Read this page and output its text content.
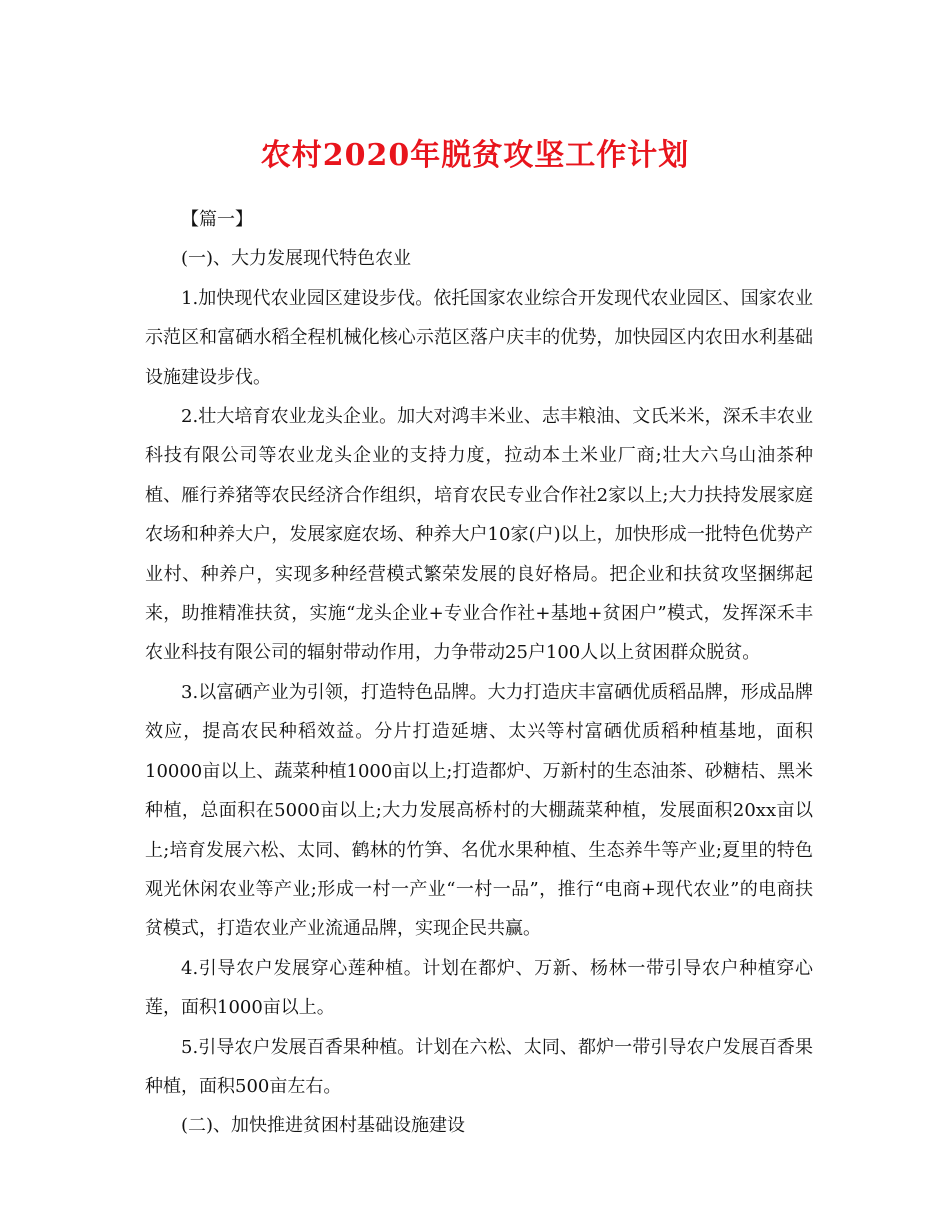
农村2020年脱贫攻坚工作计划

【篇一】

(一)、大力发展现代特色农业

1.加快现代农业园区建设步伐。依托国家农业综合开发现代农业园区、国家农业示范区和富硒水稻全程机械化核心示范区落户庆丰的优势，加快园区内农田水利基础设施建设步伐。

2.壮大培育农业龙头企业。加大对鸿丰米业、志丰粮油、文氏米米，深禾丰农业科技有限公司等农业龙头企业的支持力度，拉动本土米业厂商;壮大六乌山油茶种植、雁行养猪等农民经济合作组织，培育农民专业合作社2家以上;大力扶持发展家庭农场和种养大户，发展家庭农场、种养大户10家(户)以上，加快形成一批特色优势产业村、种养户，实现多种经营模式繁荣发展的良好格局。把企业和扶贫攻坚捆绑起来，助推精准扶贫，实施“龙头企业+专业合作社+基地+贫困户”模式，发挥深禾丰农业科技有限公司的辐射带动作用，力争带动25户100人以上贫困群众脱贫。

3.以富硒产业为引领，打造特色品牌。大力打造庆丰富硒优质稻品牌，形成品牌效应，提高农民种稻效益。分片打造延塘、太兴等村富硒优质稻种植基地，面积10000亩以上、蔬菜种植1000亩以上;打造都炉、万新村的生态油茶、砂糖桔、黑米种植，总面积在5000亩以上;大力发展高桥村的大棚蔬菜种植，发展面积20xx亩以上;培育发展六松、太同、鹤林的竹笋、名优水果种植、生态养牛等产业;夏里的特色观光休闲农业等产业;形成一村一产业“一村一品”，推行“电商+现代农业”的电商扶贫模式，打造农业产业流通品牌，实现企民共赢。

4.引导农户发展穿心莲种植。计划在都炉、万新、杨林一带引导农户种植穿心莲，面积1000亩以上。

5.引导农户发展百香果种植。计划在六松、太同、都炉一带引导农户发展百香果种植，面积500亩左右。

(二)、加快推进贫困村基础设施建设
